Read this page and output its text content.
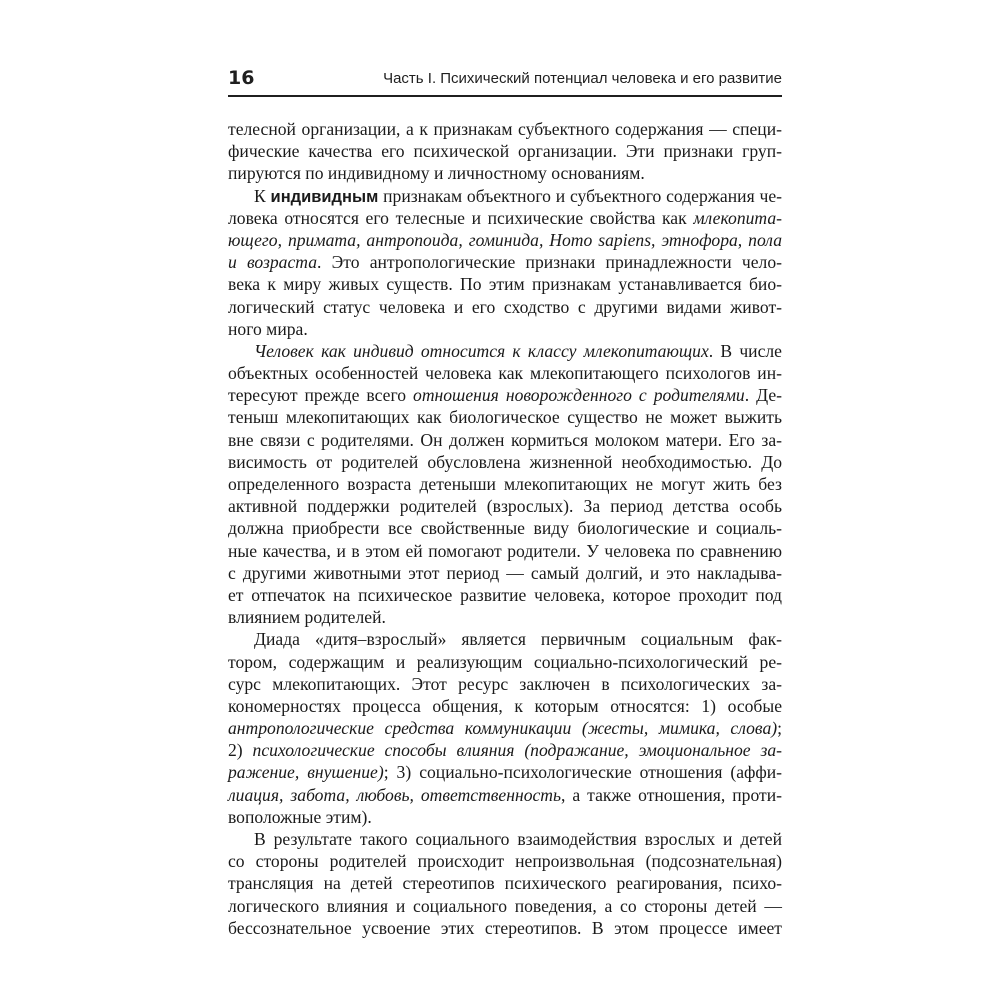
16	Часть I. Психический потенциал человека и его развитие
телесной организации, а к признакам субъектного содержания — специ-
фические качества его психической организации. Эти признаки груп-
пируются по индивидному и личностному основаниям.
К индивидным признакам объектного и субъектного содержания че-
ловека относятся его телесные и психические свойства как млекопита-
ющего, примата, антропоида, гоминида, Homo sapiens, этнофора, пола
и возраста. Это антропологические признаки принадлежности чело-
века к миру живых существ. По этим признакам устанавливается био-
логический статус человека и его сходство с другими видами живот-
ного мира.
Человек как индивид относится к классу млекопитающих. В числе
объектных особенностей человека как млекопитающего психологов ин-
тересуют прежде всего отношения новорожденного с родителями. Де-
теныш млекопитающих как биологическое существо не может выжить
вне связи с родителями. Он должен кормиться молоком матери. Его за-
висимость от родителей обусловлена жизненной необходимостью. До
определенного возраста детеныши млекопитающих не могут жить без
активной поддержки родителей (взрослых). За период детства особь
должна приобрести все свойственные виду биологические и социаль-
ные качества, и в этом ей помогают родители. У человека по сравнению
с другими животными этот период — самый долгий, и это накладыва-
ет отпечаток на психическое развитие человека, которое проходит под
влиянием родителей.
Диада «дитя–взрослый» является первичным социальным фак-
тором, содержащим и реализующим социально-психологический ре-
сурс млекопитающих. Этот ресурс заключен в психологических за-
кономерностях процесса общения, к которым относятся: 1) особые
антропологические средства коммуникации (жесты, мимика, слова);
2) психологические способы влияния (подражание, эмоциональное за-
ражение, внушение); 3) социально-психологические отношения (аффи-
лиация, забота, любовь, ответственность, а также отношения, проти-
воположные этим).
В результате такого социального взаимодействия взрослых и детей
со стороны родителей происходит непроизвольная (подсознательная)
трансляция на детей стереотипов психического реагирования, психо-
логического влияния и социального поведения, а со стороны детей —
бессознательное усвоение этих стереотипов. В этом процессе имеет
